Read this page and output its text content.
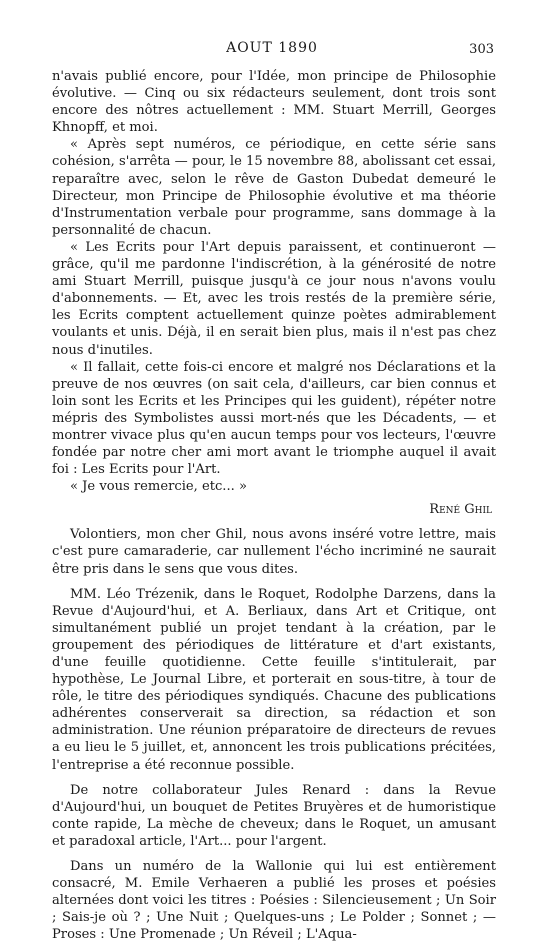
AOUT 1890	303

n'avais publié encore, pour l'Idée, mon principe de Philosophie évolutive. — Cinq ou six rédacteurs seulement, dont trois sont encore des nôtres actuellement : MM. Stuart Merrill, Georges Khnopff, et moi.

« Après sept numéros, ce périodique, en cette série sans cohésion, s'arrêta — pour, le 15 novembre 88, abolissant cet essai, reparaître avec, selon le rêve de Gaston Dubedat demeuré le Directeur, mon Principe de Philosophie évolutive et ma théorie d'Instrumentation verbale pour programme, sans dommage à la personnalité de chacun.

« Les Ecrits pour l'Art depuis paraissent, et continueront — grâce, qu'il me pardonne l'indiscrétion, à la générosité de notre ami Stuart Merrill, puisque jusqu'à ce jour nous n'avons voulu d'abonnements. — Et, avec les trois restés de la première série, les Ecrits comptent actuellement quinze poètes admirablement voulants et unis. Déjà, il en serait bien plus, mais il n'est pas chez nous d'inutiles.

« Il fallait, cette fois-ci encore et malgré nos Déclarations et la preuve de nos œuvres (on sait cela, d'ailleurs, car bien connus et loin sont les Ecrits et les Principes qui les guident), répéter notre mépris des Symbolistes aussi mort-nés que les Décadents, — et montrer vivace plus qu'en aucun temps pour vos lecteurs, l'œuvre fondée par notre cher ami mort avant le triomphe auquel il avait foi : Les Ecrits pour l'Art.

« Je vous remercie, etc... »

René Ghil

Volontiers, mon cher Ghil, nous avons inséré votre lettre, mais c'est pure camaraderie, car nullement l'écho incriminé ne saurait être pris dans le sens que vous dites.

MM. Léo Trézenik, dans le Roquet, Rodolphe Darzens, dans la Revue d'Aujourd'hui, et A. Berliaux, dans Art et Critique, ont simultanément publié un projet tendant à la création, par le groupement des périodiques de littérature et d'art existants, d'une feuille quotidienne. Cette feuille s'intitulerait, par hypothèse, Le Journal Libre, et porterait en sous-titre, à tour de rôle, le titre des périodiques syndiqués. Chacune des publications adhérentes conserverait sa direction, sa rédaction et son administration. Une réunion préparatoire de directeurs de revues a eu lieu le 5 juillet, et, annoncent les trois publications précitées, l'entreprise a été reconnue possible.

De notre collaborateur Jules Renard : dans la Revue d'Aujourd'hui, un bouquet de Petites Bruyères et de humoristique conte rapide, La mèche de cheveux; dans le Roquet, un amusant et paradoxal article, l'Art... pour l'argent.

Dans un numéro de la Wallonie qui lui est entièrement consacré, M. Emile Verhaeren a publié les proses et poésies alternées dont voici les titres : Poésies : Silencieusement ; Un Soir ; Sais-je où ? ; Une Nuit ; Quelques-uns ; Le Polder ; Sonnet ; — Proses : Une Promenade ; Un Réveil ; L'Aqua-
